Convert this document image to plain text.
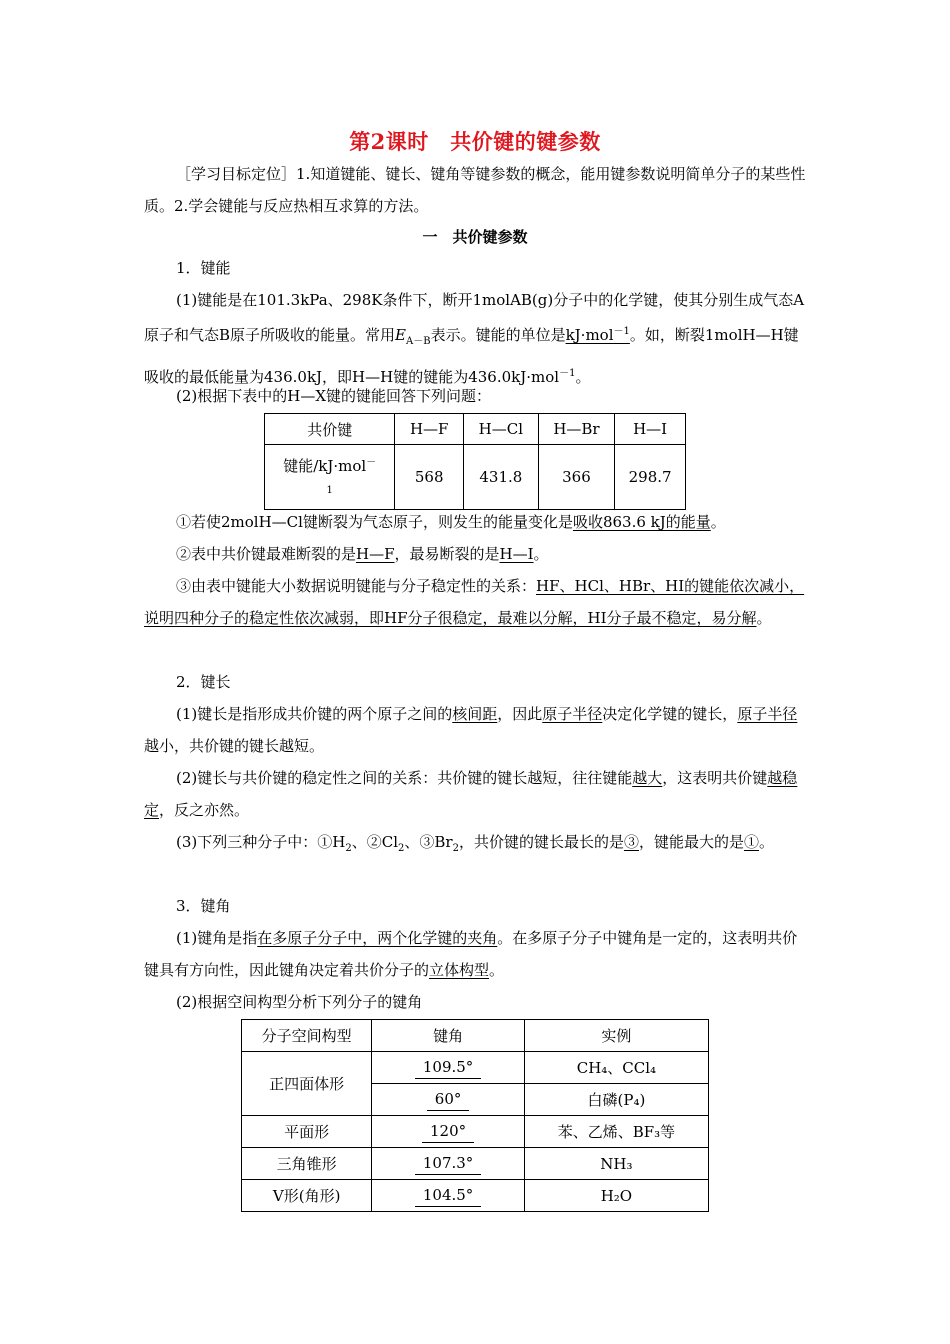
第2课时　共价键的键参数

［学习目标定位］1.知道键能、键长、键角等键参数的概念，能用键参数说明简单分子的某些性质。2.学会键能与反应热相互求算的方法。

一　共价键参数

1．键能

(1)键能是在101.3kPa、298K条件下，断开1molAB(g)分子中的化学键，使其分别生成气态A原子和气态B原子所吸收的能量。常用$E_{A-B}$表示。键能的单位是kJ·mol$^{-1}$。如，断裂1molH—H键吸收的最低能量为436.0kJ，即H—H键的键能为436.0kJ·mol$^{-1}$。

(2)根据下表中的H—X键的键能回答下列问题：

共价键	H—F	H—Cl	H—Br	H—I
键能/kJ·mol－
1	568	431.8	366	298.7

①若使2molH—Cl键断裂为气态原子，则发生的能量变化是吸收863.6 kJ的能量。

②表中共价键最难断裂的是H—F，最易断裂的是H—I。

③由表中键能大小数据说明键能与分子稳定性的关系：HF、HCl、HBr、HI的键能依次减小，说明四种分子的稳定性依次减弱，即HF分子很稳定，最难以分解，HI分子最不稳定，易分解。

2．键长

(1)键长是指形成共价键的两个原子之间的核间距，因此原子半径决定化学键的键长，原子半径越小，共价键的键长越短。

(2)键长与共价键的稳定性之间的关系：共价键的键长越短，往往键能越大，这表明共价键越稳定，反之亦然。

(3)下列三种分子中：$①H_2$、$②Cl_2$、$③Br_2$，共价键的键长最长的是③，键能最大的是①。

3．键角

(1)键角是指在多原子分子中，两个化学键的夹角。在多原子分子中键角是一定的，这表明共价键具有方向性，因此键角决定着共价分子的立体构型。

(2)根据空间构型分析下列分子的键角

分子空间构型	键角	实例
正四面体形	109.5°	CH₄、CCl₄
	60°	白磷(P₄)
平面形	120°	苯、乙烯、BF₃等
三角锥形	107.3°	NH₃
V形(角形)	104.5°	H₂O
